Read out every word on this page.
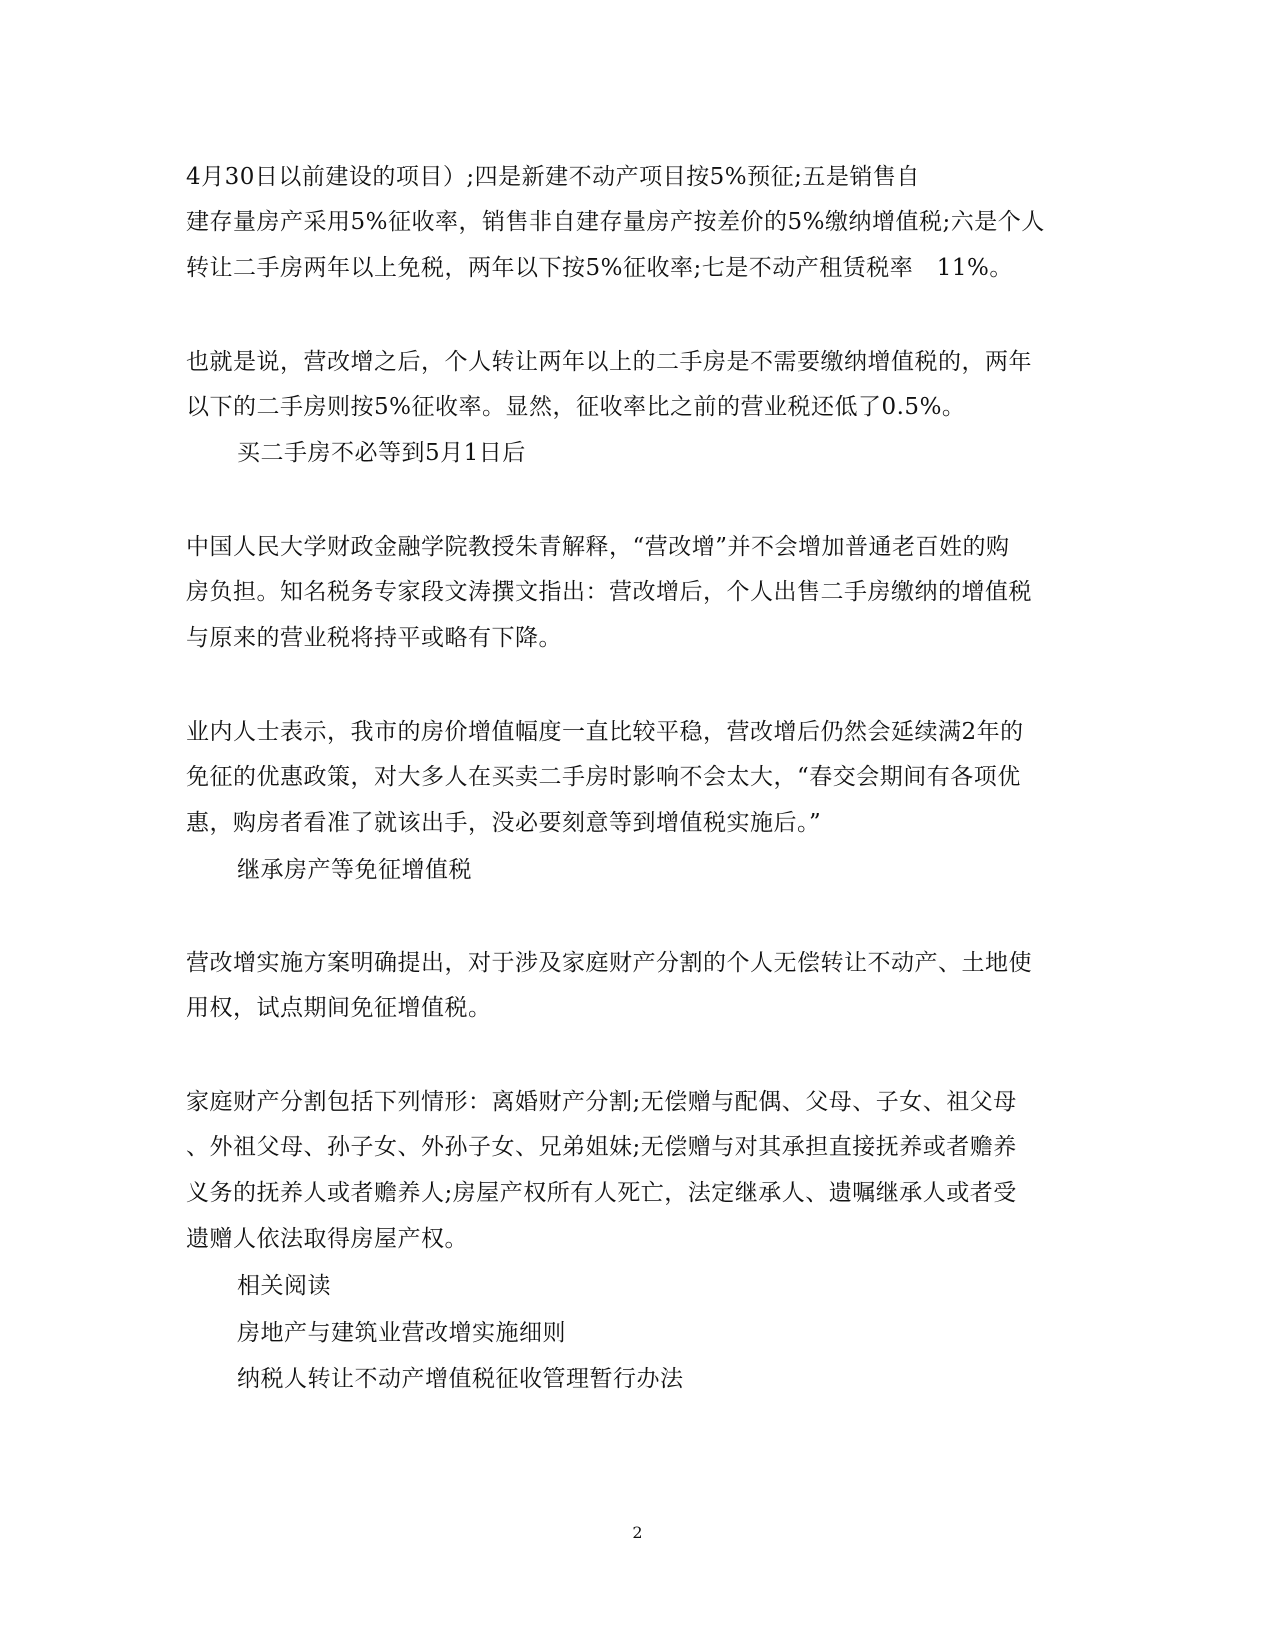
4月30日以前建设的项目）;四是新建不动产项目按5%预征;五是销售自
建存量房产采用5%征收率，销售非自建存量房产按差价的5%缴纳增值税;六是个人
转让二手房两年以上免税，两年以下按5%征收率;七是不动产租赁税率　11%。
也就是说，营改增之后，个人转让两年以上的二手房是不需要缴纳增值税的，两年
以下的二手房则按5%征收率。显然，征收率比之前的营业税还低了0.5%。
买二手房不必等到5月1日后
中国人民大学财政金融学院教授朱青解释，“营改增”并不会增加普通老百姓的购
房负担。知名税务专家段文涛撰文指出：营改增后，个人出售二手房缴纳的增值税
与原来的营业税将持平或略有下降。
业内人士表示，我市的房价增值幅度一直比较平稳，营改增后仍然会延续满2年的
免征的优惠政策，对大多人在买卖二手房时影响不会太大，“春交会期间有各项优
惠，购房者看准了就该出手，没必要刻意等到增值税实施后。”
继承房产等免征增值税
营改增实施方案明确提出，对于涉及家庭财产分割的个人无偿转让不动产、土地使
用权，试点期间免征增值税。
家庭财产分割包括下列情形：离婚财产分割;无偿赠与配偶、父母、子女、祖父母
、外祖父母、孙子女、外孙子女、兄弟姐妹;无偿赠与对其承担直接抚养或者赡养
义务的抚养人或者赡养人;房屋产权所有人死亡，法定继承人、遗嘱继承人或者受
遗赠人依法取得房屋产权。
相关阅读
房地产与建筑业营改增实施细则
纳税人转让不动产增值税征收管理暂行办法
2
